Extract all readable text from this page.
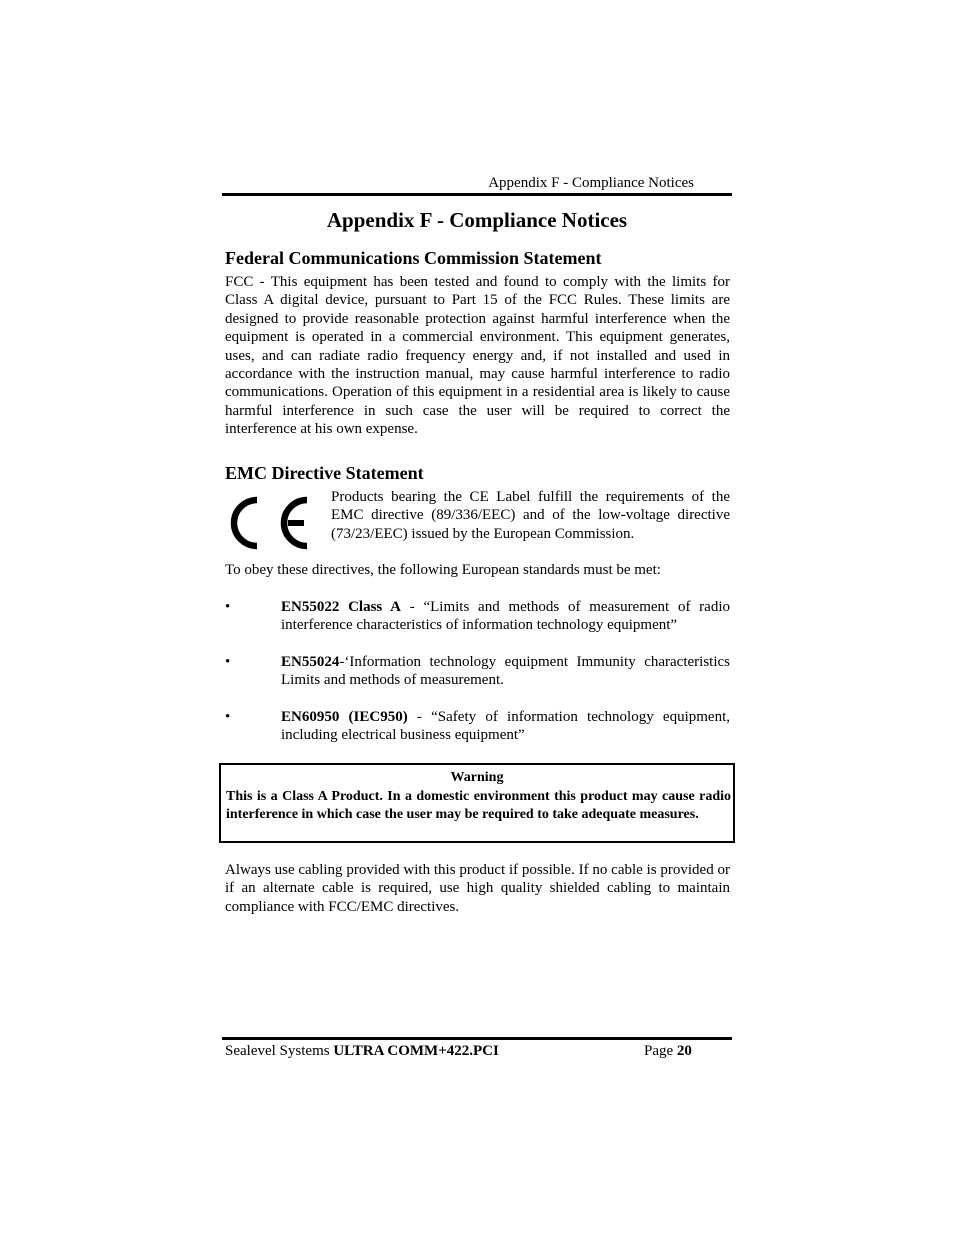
Appendix F - Compliance Notices
Appendix F - Compliance Notices
Federal Communications Commission Statement

FCC - This equipment has been tested and found to comply with the limits for Class A digital device, pursuant to Part 15 of the FCC Rules. These limits are designed to provide reasonable protection against harmful interference when the equipment is operated in a commercial environment. This equipment generates, uses, and can radiate radio frequency energy and, if not installed and used in accordance with the instruction manual, may cause harmful interference to radio communications. Operation of this equipment in a residential area is likely to cause harmful interference in such case the user will be required to correct the interference at his own expense.

EMC Directive Statement

Products bearing the CE Label fulfill the requirements of the EMC directive (89/336/EEC) and of the low-voltage directive (73/23/EEC) issued by the European Commission.

To obey these directives, the following European standards must be met:

•	EN55022 Class A - “Limits and methods of measurement of radio interference characteristics of information technology equipment”

•	EN55024-‘Information technology equipment Immunity characteristics Limits and methods of measurement.

•	EN60950 (IEC950) - “Safety of information technology equipment, including electrical business equipment”

Warning

This is a Class A Product. In a domestic environment this product may cause radio interference in which case the user may be required to take adequate measures.

Always use cabling provided with this product if possible. If no cable is provided or if an alternate cable is required, use high quality shielded cabling to maintain compliance with FCC/EMC directives.

Sealevel Systems ULTRA COMM+422.PCI	Page 20
